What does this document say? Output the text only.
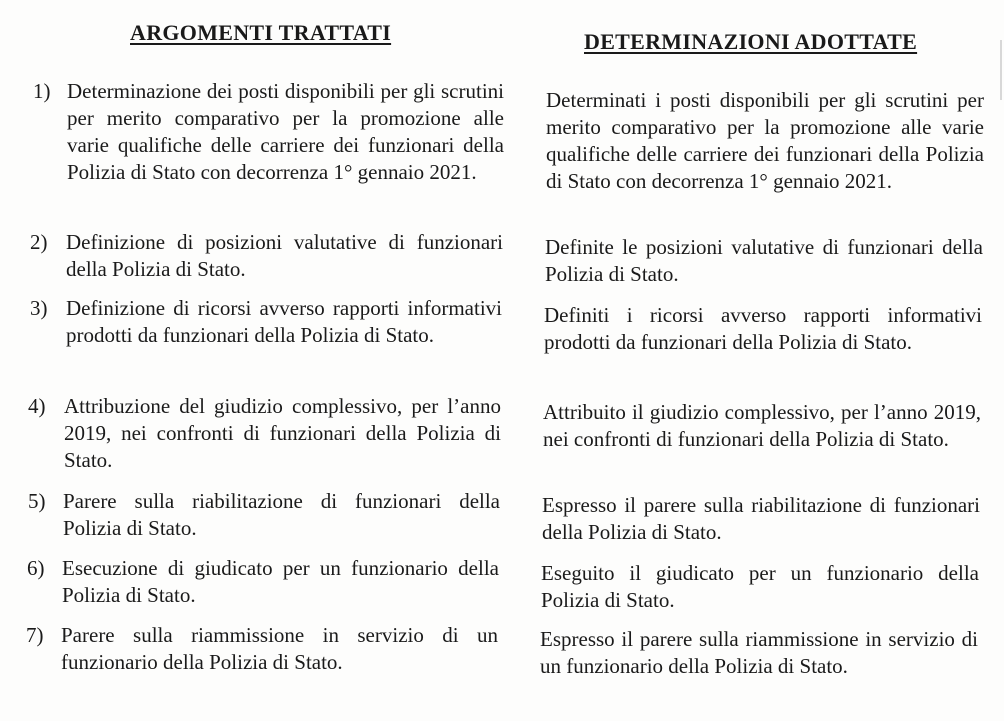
ARGOMENTI TRATTATI	DETERMINAZIONI ADOTTATE
1) Determinazione dei posti disponibili per gli scrutini per merito comparativo per la promozione alle varie qualifiche delle carriere dei funzionari della Polizia di Stato con decorrenza 1° gennaio 2021.
2) Definizione di posizioni valutative di funzionari della Polizia di Stato.
3) Definizione di ricorsi avverso rapporti informativi prodotti da funzionari della Polizia di Stato.
4) Attribuzione del giudizio complessivo, per l’anno 2019, nei confronti di funzionari della Polizia di Stato.
5) Parere sulla riabilitazione di funzionari della Polizia di Stato.
6) Esecuzione di giudicato per un funzionario della Polizia di Stato.
7) Parere sulla riammissione in servizio di un funzionario della Polizia di Stato.
Determinati i posti disponibili per gli scrutini per merito comparativo per la promozione alle varie qualifiche delle carriere dei funzionari della Polizia di Stato con decorrenza 1° gennaio 2021.
Definite le posizioni valutative di funzionari della Polizia di Stato.
Definiti i ricorsi avverso rapporti informativi prodotti da funzionari della Polizia di Stato.
Attribuito il giudizio complessivo, per l’anno 2019, nei confronti di funzionari della Polizia di Stato.
Espresso il parere sulla riabilitazione di funzionari della Polizia di Stato.
Eseguito il giudicato per un funzionario della Polizia di Stato.
Espresso il parere sulla riammissione in servizio di un funzionario della Polizia di Stato.
